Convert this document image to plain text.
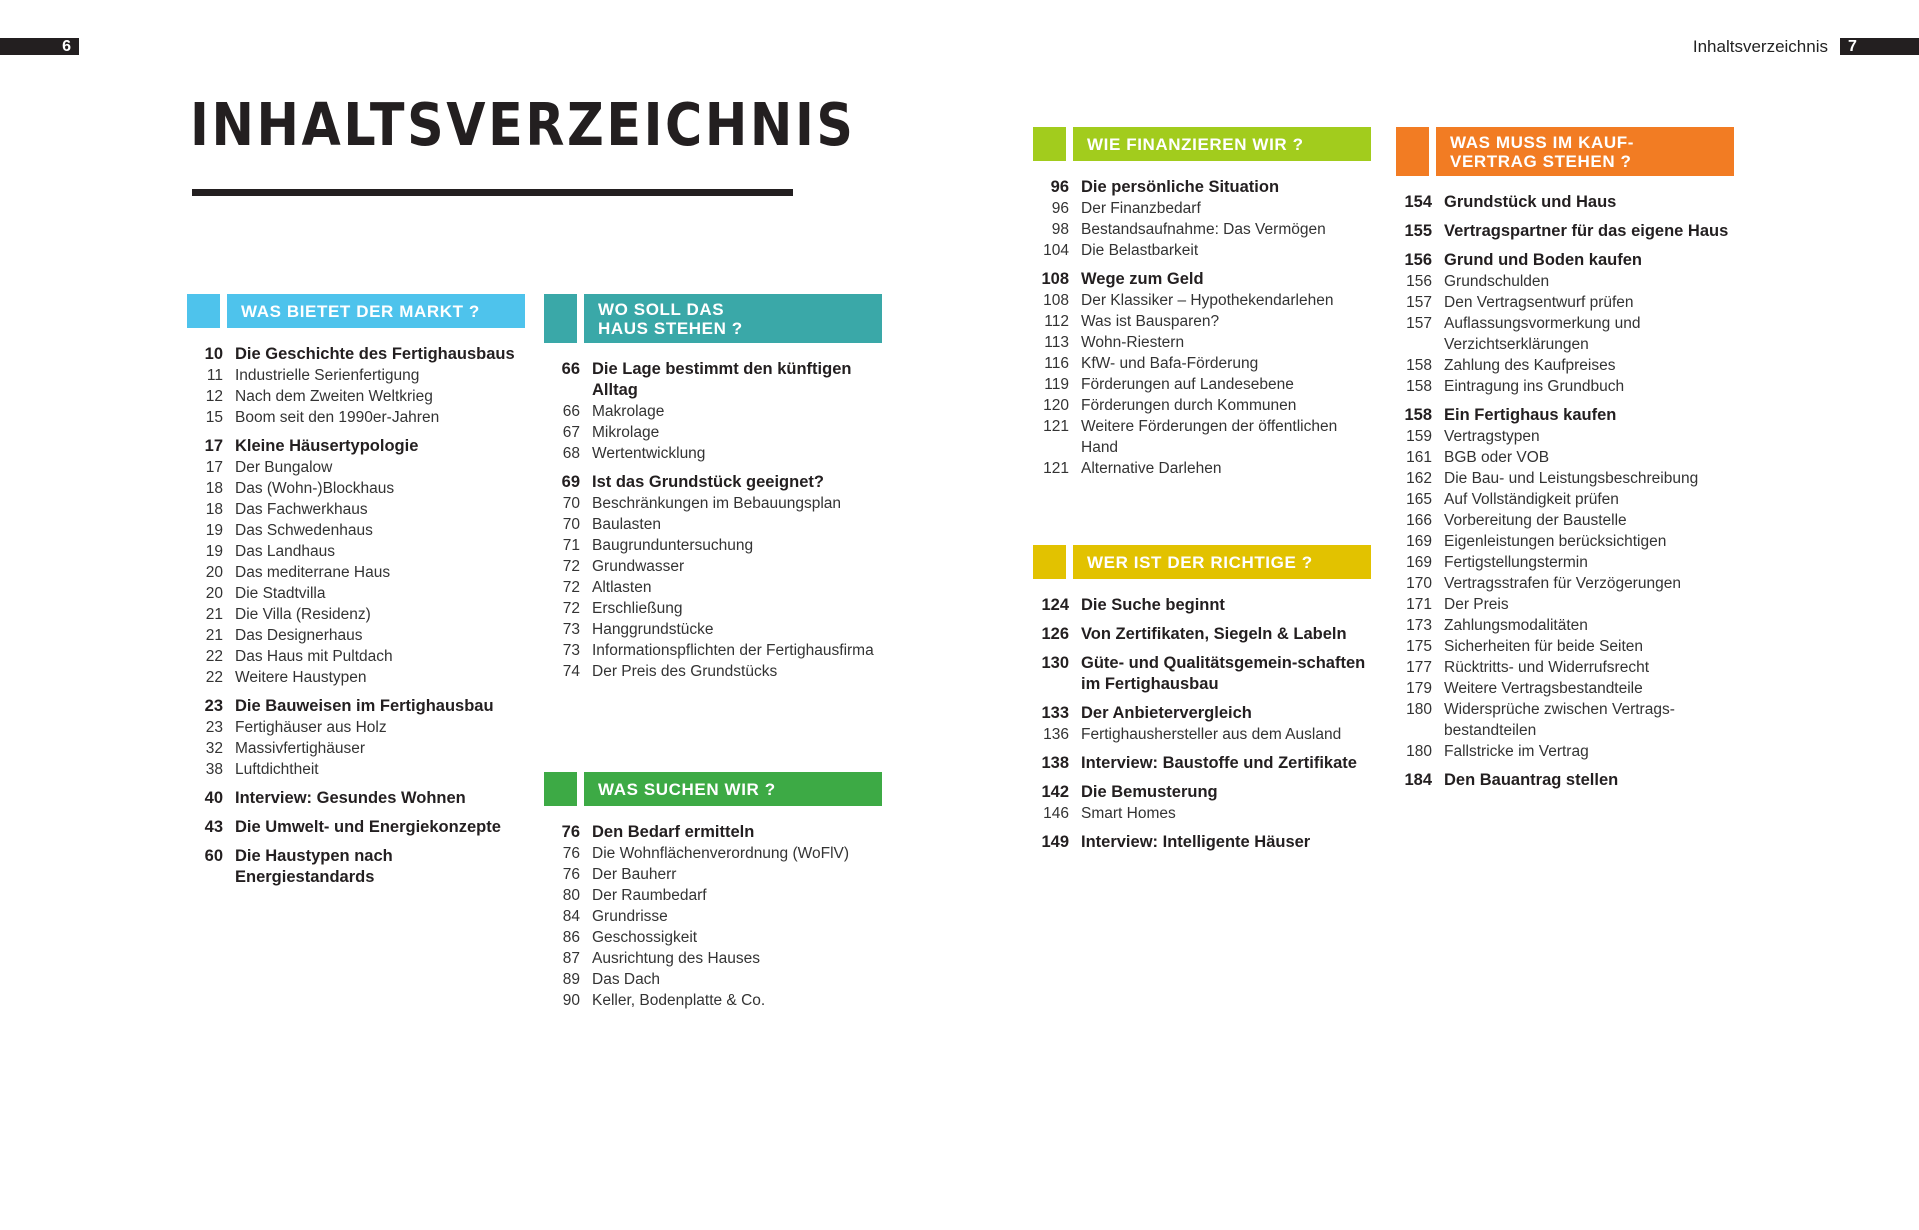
6	Inhaltsverzeichnis 7
INHALTSVERZEICHNIS
WAS BIETET DER MARKT ?
10 Die Geschichte des Fertighausbaus
11 Industrielle Serienfertigung
12 Nach dem Zweiten Weltkrieg
15 Boom seit den 1990er-Jahren
17 Kleine Häusertypologie
17 Der Bungalow
18 Das (Wohn-)Blockhaus
18 Das Fachwerkhaus
19 Das Schwedenhaus
19 Das Landhaus
20 Das mediterrane Haus
20 Die Stadtvilla
21 Die Villa (Residenz)
21 Das Designerhaus
22 Das Haus mit Pultdach
22 Weitere Haustypen
23 Die Bauweisen im Fertighausbau
23 Fertighäuser aus Holz
32 Massivfertighäuser
38 Luftdichtheit
40 Interview: Gesundes Wohnen
43 Die Umwelt- und Energiekonzepte
60 Die Haustypen nach Energiestandards
WO SOLL DAS
HAUS STEHEN ?
66 Die Lage bestimmt den künftigen Alltag
66 Makrolage
67 Mikrolage
68 Wertentwicklung
69 Ist das Grundstück geeignet?
70 Beschränkungen im Bebauungsplan
70 Baulasten
71 Baugrunduntersuchung
72 Grundwasser
72 Altlasten
72 Erschließung
73 Hanggrundstücke
73 Informationspflichten der Fertighausfirma
74 Der Preis des Grundstücks
WAS SUCHEN WIR ?
76 Den Bedarf ermitteln
76 Die Wohnflächenverordnung (WoFlV)
76 Der Bauherr
80 Der Raumbedarf
84 Grundrisse
86 Geschossigkeit
87 Ausrichtung des Hauses
89 Das Dach
90 Keller, Bodenplatte & Co.
WIE FINANZIEREN WIR ?
96 Die persönliche Situation
96 Der Finanzbedarf
98 Bestandsaufnahme: Das Vermögen
104 Die Belastbarkeit
108 Wege zum Geld
108 Der Klassiker – Hypothekendarlehen
112 Was ist Bausparen?
113 Wohn-Riestern
116 KfW- und Bafa-Förderung
119 Förderungen auf Landesebene
120 Förderungen durch Kommunen
121 Weitere Förderungen der öffentlichen Hand
121 Alternative Darlehen
WER IST DER RICHTIGE ?
124 Die Suche beginnt
126 Von Zertifikaten, Siegeln & Labeln
130 Güte- und Qualitätsgemein-schaften im Fertighausbau
133 Der Anbietervergleich
136 Fertighaushersteller aus dem Ausland
138 Interview: Baustoffe und Zertifikate
142 Die Bemusterung
146 Smart Homes
149 Interview: Intelligente Häuser
WAS MUSS IM KAUF-
VERTRAG STEHEN ?
154 Grundstück und Haus
155 Vertragspartner für das eigene Haus
156 Grund und Boden kaufen
156 Grundschulden
157 Den Vertragsentwurf prüfen
157 Auflassungsvormerkung und Verzichtserklärungen
158 Zahlung des Kaufpreises
158 Eintragung ins Grundbuch
158 Ein Fertighaus kaufen
159 Vertragstypen
161 BGB oder VOB
162 Die Bau- und Leistungsbeschreibung
165 Auf Vollständigkeit prüfen
166 Vorbereitung der Baustelle
169 Eigenleistungen berücksichtigen
169 Fertigstellungstermin
170 Vertragsstrafen für Verzögerungen
171 Der Preis
173 Zahlungsmodalitäten
175 Sicherheiten für beide Seiten
177 Rücktritts- und Widerrufsrecht
179 Weitere Vertragsbestandteile
180 Widersprüche zwischen Vertrags-bestandteilen
180 Fallstricke im Vertrag
184 Den Bauantrag stellen
